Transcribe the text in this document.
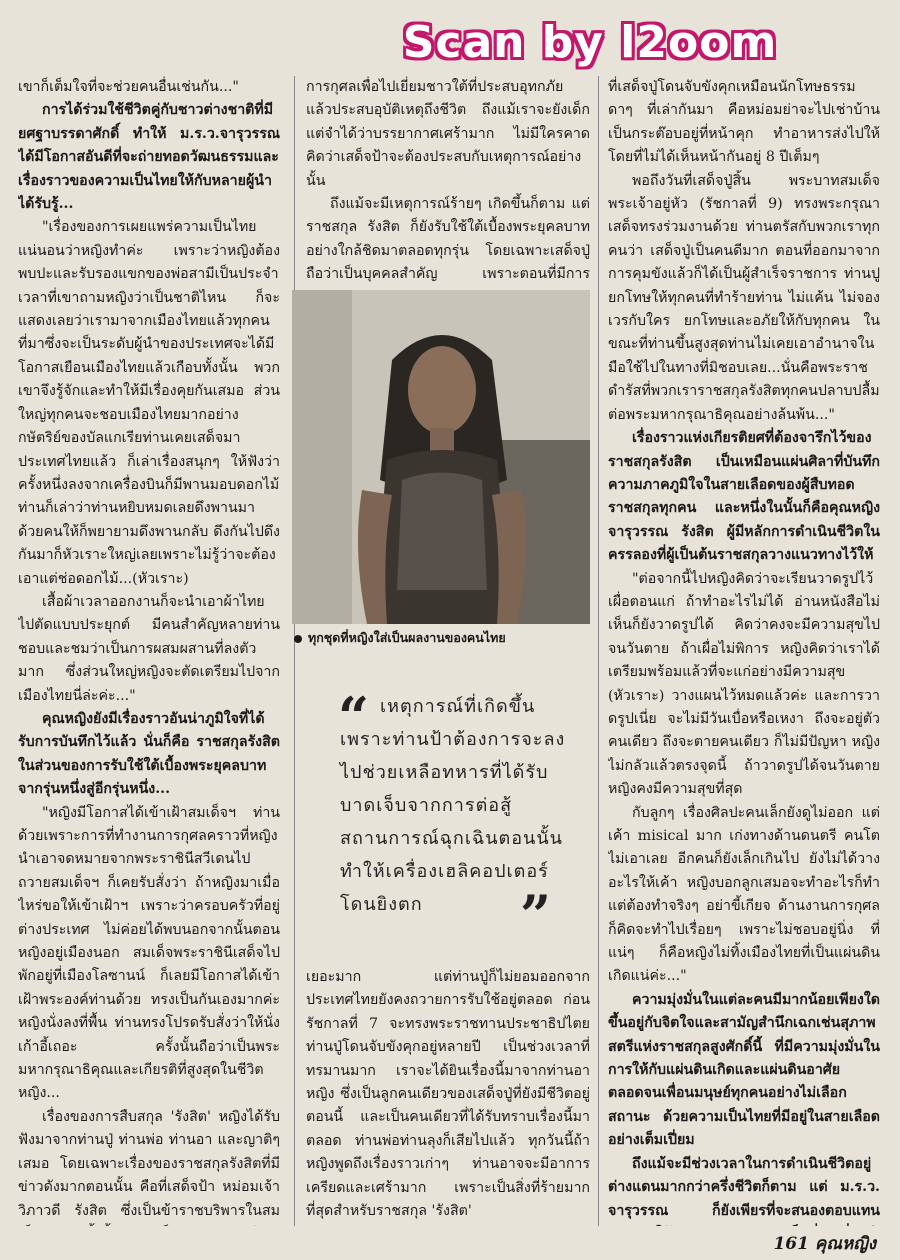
Scan by l2oom

เขาก็เต็มใจที่จะช่วยคนอื่นเช่นกัน..."

การได้ร่วมใช้ชีวิตคู่กับชาวต่างชาติที่มียศฐาบรรดาศักดิ์ ทำให้ ม.ร.ว.จารุวรรณ ได้มีโอกาสอันดีที่จะถ่ายทอดวัฒนธรรมและเรื่องราวของความเป็นไทยให้กับหลายผู้นำได้รับรู้...

"เรื่องของการเผยแพร่ความเป็นไทย แน่นอนว่าหญิงทำค่ะ เพราะว่าหญิงต้องพบปะและรับรองแขกของพ่อสามีเป็นประจำ เวลาที่เขาถามหญิงว่าเป็นชาติไหน ก็จะแสดงเลยว่าเรามาจากเมืองไทยแล้วทุกคนที่มาซึ่งจะเป็นระดับผู้นำของประเทศจะได้มีโอกาสเยือนเมืองไทยแล้วเกือบทั้งนั้น พวกเขาจึงรู้จักและทำให้มีเรื่องคุยกันเสมอ ส่วนใหญ่ทุกคนจะชอบเมืองไทยมากอย่างกษัตริย์ของบัลแกเรียท่านเคยเสด็จมาประเทศไทยแล้ว ก็เล่าเรื่องสนุกๆ ให้ฟังว่าครั้งหนึ่งลงจากเครื่องบินก็มีพานมอบดอกไม้ ท่านก็เล่าว่าท่านหยิบหมดเลยดึงพานมาด้วยคนให้ก็พยายามดึงพานกลับ ดึงกันไปดึงกันมาก็หัวเราะใหญ่เลยเพราะไม่รู้ว่าจะต้องเอาแต่ช่อดอกไม้...(หัวเราะ)

เสื้อผ้าเวลาออกงานก็จะนำเอาผ้าไทยไปตัดแบบประยุกต์ มีคนสำคัญหลายท่านชอบและชมว่าเป็นการผสมผสานที่ลงตัวมาก ซึ่งส่วนใหญ่หญิงจะตัดเตรียมไปจากเมืองไทยนี่ล่ะค่ะ..."

คุณหญิงยังมีเรื่องราวอันน่าภูมิใจที่ได้รับการบันทึกไว้แล้ว นั่นก็คือ ราชสกุลรังสิต ในส่วนของการรับใช้ใต้เบื้องพระยุคลบาทจากรุ่นหนึ่งสู่อีกรุ่นหนึ่ง...

"หญิงมีโอกาสได้เข้าเฝ้าสมเด็จฯ ท่านด้วยเพราะการที่ทำงานการกุศลคราวที่หญิงนำเอาจดหมายจากพระราชินีสวีเดนไปถวายสมเด็จฯ ก็เคยรับสั่งว่า ถ้าหญิงมาเมื่อไหร่ขอให้เข้าเฝ้าฯ เพราะว่าครอบครัวที่อยู่ต่างประเทศ ไม่ค่อยได้พบนอกจากนั้นตอนหญิงอยู่เมืองนอก สมเด็จพระราชินีเสด็จไปพักอยู่ที่เมืองโลซานน์ ก็เลยมีโอกาสได้เข้าเฝ้าพระองค์ท่านด้วย ทรงเป็นกันเองมากค่ะ หญิงนั่งลงที่พื้น ท่านทรงโปรดรับสั่งว่าให้นั่งเก้าอี้เถอะ ครั้งนั้นถือว่าเป็นพระมหากรุณาธิคุณและเกียรติที่สูงสุดในชีวิตหญิง...

เรื่องของการสืบสกุล 'รังสิต' หญิงได้รับฟังมาจากท่านปู่ ท่านพ่อ ท่านอา และญาติๆ เสมอ โดยเฉพาะเรื่องของราชสกุลรังสิตที่มีข่าวดังมากตอนนั้น คือที่เสด็จป้า หม่อมเจ้าวิภาวดี รังสิต ซึ่งเป็นข้าราชบริพารในสม

การกุศลเพื่อไปเยี่ยมชาวใต้ที่ประสบอุทกภัย แล้วประสบอุบัติเหตุถึงชีวิต ถึงแม้เราจะยังเด็ก แต่จำได้ว่าบรรยากาศเศร้ามาก ไม่มีใครคาดคิดว่าเสด็จป้าจะต้องประสบกับเหตุการณ์อย่างนั้น

ถึงแม้จะมีเหตุการณ์ร้ายๆ เกิดขึ้นก็ตาม แต่ราชสกุล รังสิต ก็ยังรับใช้ใต้เบื้องพระยุคลบาทอย่างใกล้ชิดมาตลอดทุกรุ่น โดยเฉพาะเสด็จปู่ถือว่าเป็นบุคคลสำคัญ เพราะตอนที่มีการ

ทุกชุดที่หญิงใส่เป็นผลงานของคนไทย
“ เหตุการณ์ที่เกิดขึ้นเพราะท่านป้าต้องการจะลงไปช่วยเหลือทหารที่ได้รับบาดเจ็บจากการต่อสู้สถานการณ์ฉุกเฉินตอนนั้นทำให้เครื่องเฮลิคอปเตอร์โดนยิงตก	”

เยอะมาก แต่ท่านปู่ก็ไม่ยอมออกจากประเทศไทยยังคงถวายการรับใช้อยู่ตลอด ก่อนรัชกาลที่ 7 จะทรงพระราชทานประชาธิปไตย ท่านปู่โดนจับขังคุกอยู่หลายปี เป็นช่วงเวลาที่ทรมานมาก เราจะได้ยินเรื่องนี้มาจากท่านอาหญิง ซึ่งเป็นลูกคนเดียวของเสด็จปู่ที่ยังมีชีวิตอยู่ตอนนี้ และเป็นคนเดียวที่ได้รับทราบเรื่องนี้มาตลอด ท่านพ่อท่านลุงก็เสียไปแล้ว ทุกวันนี้ถ้าหญิงพูดถึงเรื่องราวเก่าๆ ท่านอาจจะมีอาการเครียดและเศร้ามาก เพราะเป็นสิ่งที่ร้ายมากที่สุดสำหรับราชสกุล 'รังสิต'

ที่เสด็จปู่โดนจับขังคุกเหมือนนักโทษธรรมดาๆ ที่เล่ากันมา คือหม่อมย่าจะไปเช่าบ้านเป็นกระต๊อบอยู่ที่หน้าคุก ทำอาหารส่งไปให้โดยที่ไม่ได้เห็นหน้ากันอยู่ 8 ปีเต็มๆ

พอถึงวันที่เสด็จปู่สิ้น พระบาทสมเด็จพระเจ้าอยู่หัว (รัชกาลที่ 9) ทรงพระกรุณาเสด็จทรงร่วมงานด้วย ท่านตรัสกับพวกเราทุกคนว่า เสด็จปู่เป็นคนดีมาก ตอนที่ออกมาจากการคุมขังแล้วก็ได้เป็นผู้สำเร็จราชการ ท่านปูยกโทษให้ทุกคนที่ทำร้ายท่าน ไม่แค้น ไม่จองเวรกับใคร ยกโทษและอภัยให้กับทุกคน ในขณะที่ท่านขึ้นสูงสุดท่านไม่เคยเอาอำนาจในมือใช้ไปในทางที่มิชอบเลย...นั่นคือพระราชดำรัสที่พวกเราราชสกุลรังสิตทุกคนปลาบปลื้มต่อพระมหากรุณาธิคุณอย่างล้นพ้น..."

เรื่องราวแห่งเกียรติยศที่ต้องจารึกไว้ของราชสกุลรังสิต เป็นเหมือนแผ่นศิลาที่บันทึกความภาคภูมิใจในสายเลือดของผู้สืบทอดราชสกุลทุกคน และหนึ่งในนั้นก็คือคุณหญิงจารุวรรณ รังสิต ผู้มีหลักการดำเนินชีวิตในครรลองที่ผู้เป็นต้นราชสกุลวางแนวทางไว้ให้

"ต่อจากนี้ไปหญิงคิดว่าจะเรียนวาดรูปไว้ เผื่อตอนแก่ ถ้าทำอะไรไม่ได้ อ่านหนังสือไม่เห็นก็ยังวาดรูปได้ คิดว่าคงจะมีความสุขไปจนวันตาย ถ้าเผื่อไม่พิการ หญิงคิดว่าเราได้เตรียมพร้อมแล้วที่จะแก่อย่างมีความสุข (หัวเราะ) วางแผนไว้หมดแล้วค่ะ และการวาดรูปเนี่ย จะไม่มีวันเบื่อหรือเหงา ถึงจะอยู่ตัวคนเดียว ถึงจะตายคนเดียว ก็ไม่มีปัญหา หญิงไม่กลัวแล้วตรงจุดนี้ ถ้าวาดรูปได้จนวันตายหญิงคงมีความสุขที่สุด

กับลูกๆ เรื่องศิลปะคนเล็กยังดูไม่ออก แต่เค้า misical มาก เก่งทางด้านดนตรี คนโตไม่เอาเลย อีกคนก็ยังเล็กเกินไป ยังไม่ได้วางอะไรให้เค้า หญิงบอกลูกเสมอจะทำอะไรก็ทำ แต่ต้องทำจริงๆ อย่าขี้เกียจ ด้านงานการกุศลก็คิดจะทำไปเรื่อยๆ เพราะไม่ชอบอยู่นิ่ง ที่แน่ๆ ก็คือหญิงไม่ทิ้งเมืองไทยที่เป็นแผ่นดินเกิดแน่ค่ะ..."

ความมุ่งมั่นในแต่ละคนมีมากน้อยเพียงใดขึ้นอยู่กับจิตใจและสามัญสำนึกเฉกเช่นสุภาพสตรีแห่งราชสกุลสูงศักดิ์นี้ ที่มีความมุ่งมั่นในการให้กับแผ่นดินเกิดและแผ่นดินอาศัย ตลอดจนเพื่อนมนุษย์ทุกคนอย่างไม่เลือกสถานะ ด้วยความเป็นไทยที่มีอยู่ในสายเลือดอย่างเต็มเปี่ยม

ถึงแม้จะมีช่วงเวลาในการดำเนินชีวิตอยู่ต่างแดนมากกว่าครึ่งชีวิตก็ตาม แต่ ม.ร.ว. จารุวรรณ ก็ยังเพียรที่จะสนองตอบแทน

161 คุณหญิง
